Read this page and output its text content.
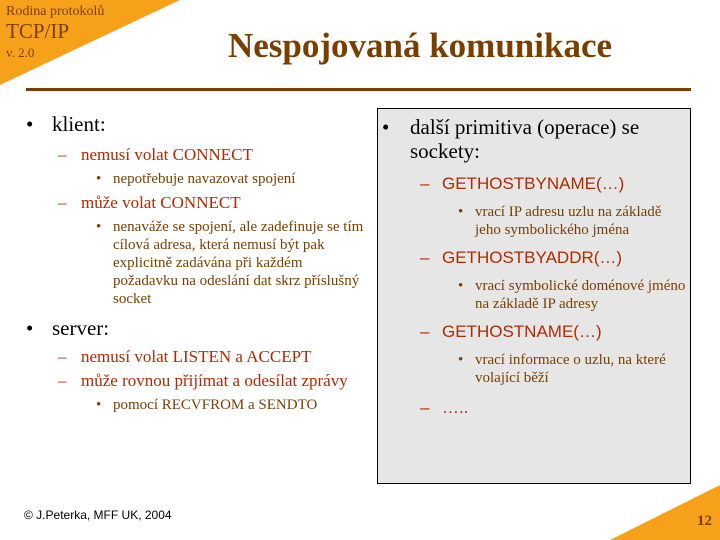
Rodina protokolů
TCP/IP
v. 2.0	Nespojovaná komunikace
• klient:
– nemusí volat CONNECT
• nepotřebuje navazovat spojení
– může volat CONNECT
• nenaváže se spojení, ale zadefinuje se tím cílová adresa, která nemusí být pak explicitně zadávána při každém požadavku na odeslání dat skrz příslušný socket
• server:
– nemusí volat LISTEN a ACCEPT
– může rovnou přijímat a odesílat zprávy
• pomocí RECVFROM a SENDTO
• další primitiva (operace) se sockety:
– GETHOSTBYNAME(…)
• vrací IP adresu uzlu na základě jeho symbolického jména
– GETHOSTBYADDR(…)
• vrací symbolické doménové jméno na základě IP adresy
– GETHOSTNAME(…)
• vrací informace o uzlu, na které volající běží
– …..
© J.Peterka, MFF UK, 2004	12
